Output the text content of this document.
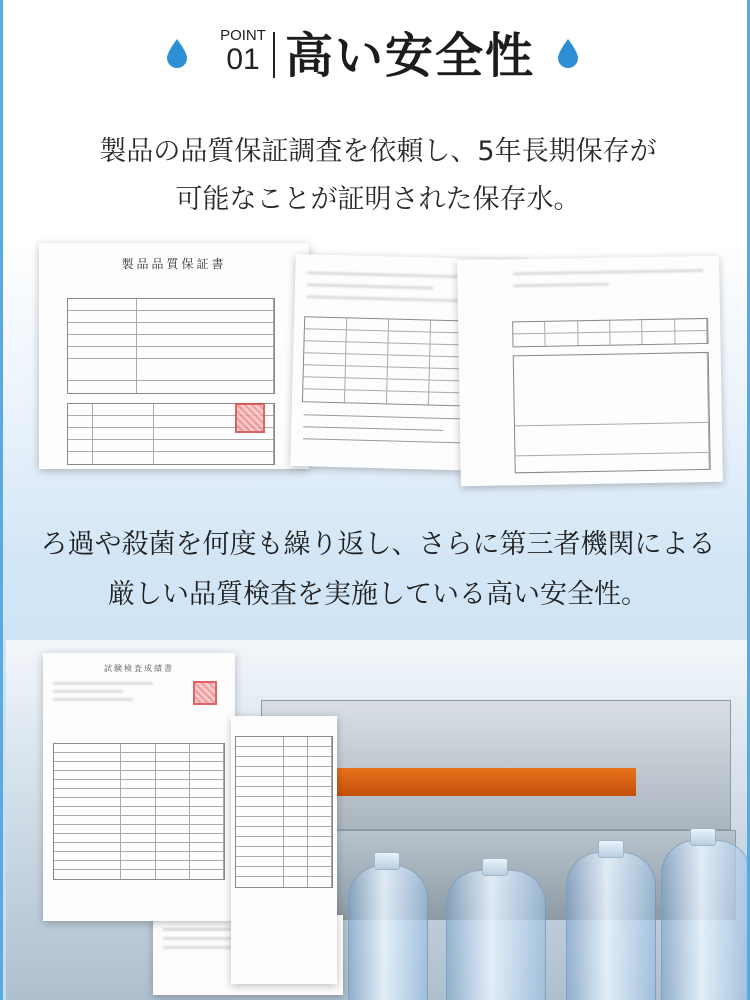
POINT
01 高い安全性
製品の品質保証調査を依頼し、5年長期保存が
可能なことが証明された保存水。
製品品質保証書
ろ過や殺菌を何度も繰り返し、さらに第三者機関による
厳しい品質検査を実施している高い安全性。
試験検査成績書
